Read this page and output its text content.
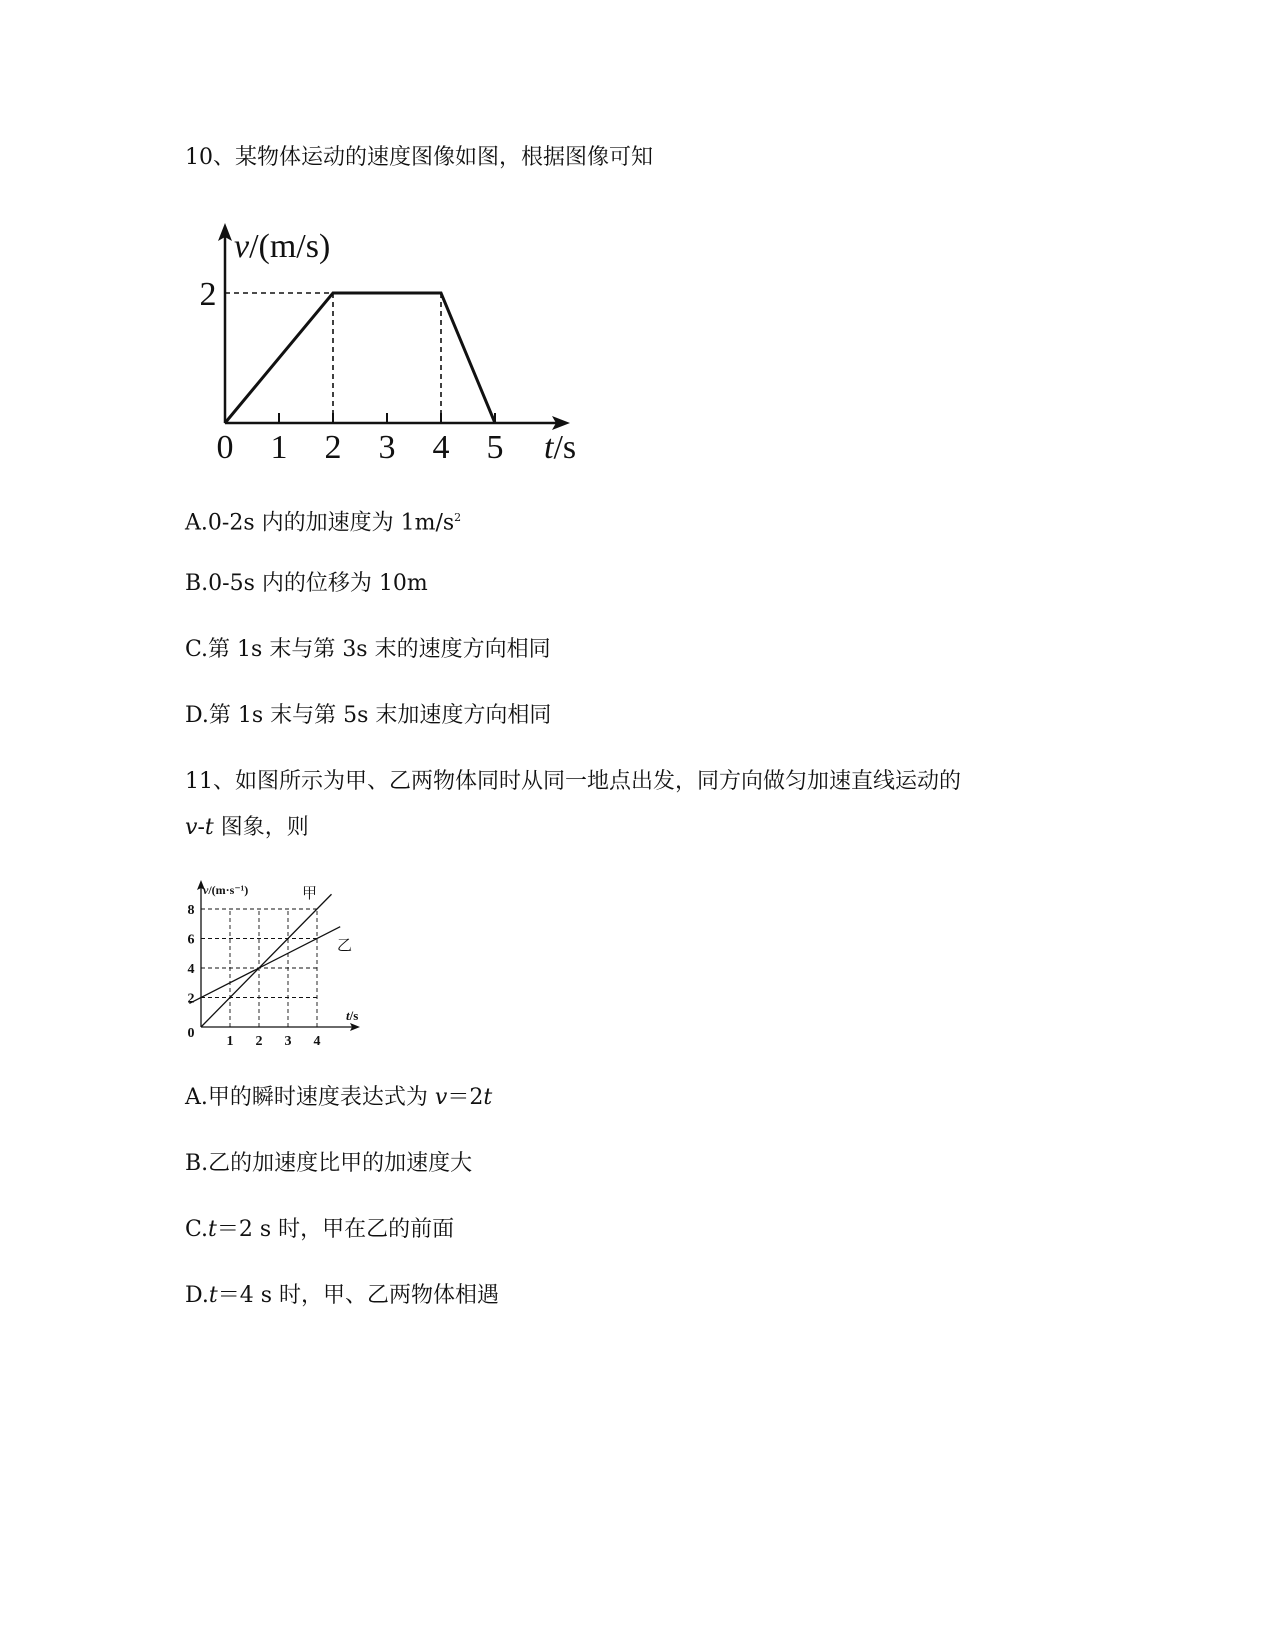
10、某物体运动的速度图像如图，根据图像可知
0 1 2 3 4 5
2
v/(m/s)
t/s
A.0-2s 内的加速度为 $1m/s^2$
B.0-5s 内的位移为 10m
C.第 1s 末与第 3s 末的速度方向相同
D.第 1s 末与第 5s 末加速度方向相同
11、如图所示为甲、乙两物体同时从同一地点出发，同方向做匀加速直线运动的
v-t 图象，则
1 2 3 4
0
2
4
6
8
甲
乙
v/(m·s⁻¹)
t/s
A.甲的瞬时速度表达式为 v＝2t
B.乙的加速度比甲的加速度大
C.t＝2 s 时，甲在乙的前面
D.t＝4 s 时，甲、乙两物体相遇
